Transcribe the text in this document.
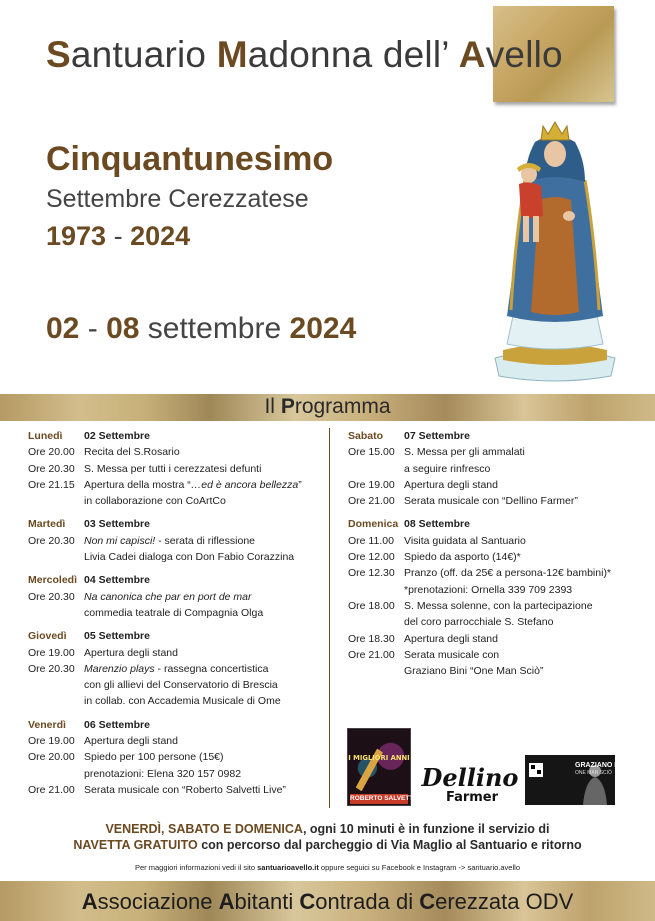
Santuario Madonna dell’ Avello
Cinquantunesimo
Settembre Cerezzatese
1973 - 2024
02 - 08 settembre 2024
Il Programma
Lunedì 02 Settembre
Ore 20.00 Recita del S.Rosario
Ore 20.30 S. Messa per tutti i cerezzatesi defunti
Ore 21.15 Apertura della mostra “…ed è ancora bellezza”
in collaborazione con CoArtCo
Martedì 03 Settembre
Ore 20.30 Non mi capisci! - serata di riflessione
Livia Cadei dialoga con Don Fabio Corazzina
Mercoledì 04 Settembre
Ore 20.30 Na canonica che par en port de mar
commedia teatrale di Compagnia Olga
Giovedì 05 Settembre
Ore 19.00 Apertura degli stand
Ore 20.30 Marenzio plays - rassegna concertistica
con gli allievi del Conservatorio di Brescia
in collab. con Accademia Musicale di Ome
Venerdì 06 Settembre
Ore 19.00 Apertura degli stand
Ore 20.00 Spiedo per 100 persone (15€)
prenotazioni: Elena 320 157 0982
Ore 21.00 Serata musicale con “Roberto Salvetti Live”
Sabato 07 Settembre
Ore 15.00 S. Messa per gli ammalati
a seguire rinfresco
Ore 19.00 Apertura degli stand
Ore 21.00 Serata musicale con “Dellino Farmer”
Domenica 08 Settembre
Ore 11.00 Visita guidata al Santuario
Ore 12.00 Spiedo da asporto (14€)*
Ore 12.30 Pranzo (off. da 25€ a persona-12€ bambini)*
*prenotazioni: Ornella 339 709 2393
Ore 18.00 S. Messa solenne, con la partecipazione
del coro parrocchiale S. Stefano
Ore 18.30 Apertura degli stand
Ore 21.00 Serata musicale con
Graziano Bini “One Man Sciò”
I MIGLIORI ANNI
ROBERTO SALVETTI
Dellino
Farmer
GRAZIANO BINI
ONE MAN SCIÒ
VENERDÌ, SABATO E DOMENICA, ogni 10 minuti è in funzione il servizio di
NAVETTA GRATUITO con percorso dal parcheggio di Via Maglio al Santuario e ritorno
Per maggiori informazioni vedi il sito santuarioavello.it oppure seguici su Facebook e Instagram -> santuario.avello
Associazione Abitanti Contrada di Cerezzata ODV
